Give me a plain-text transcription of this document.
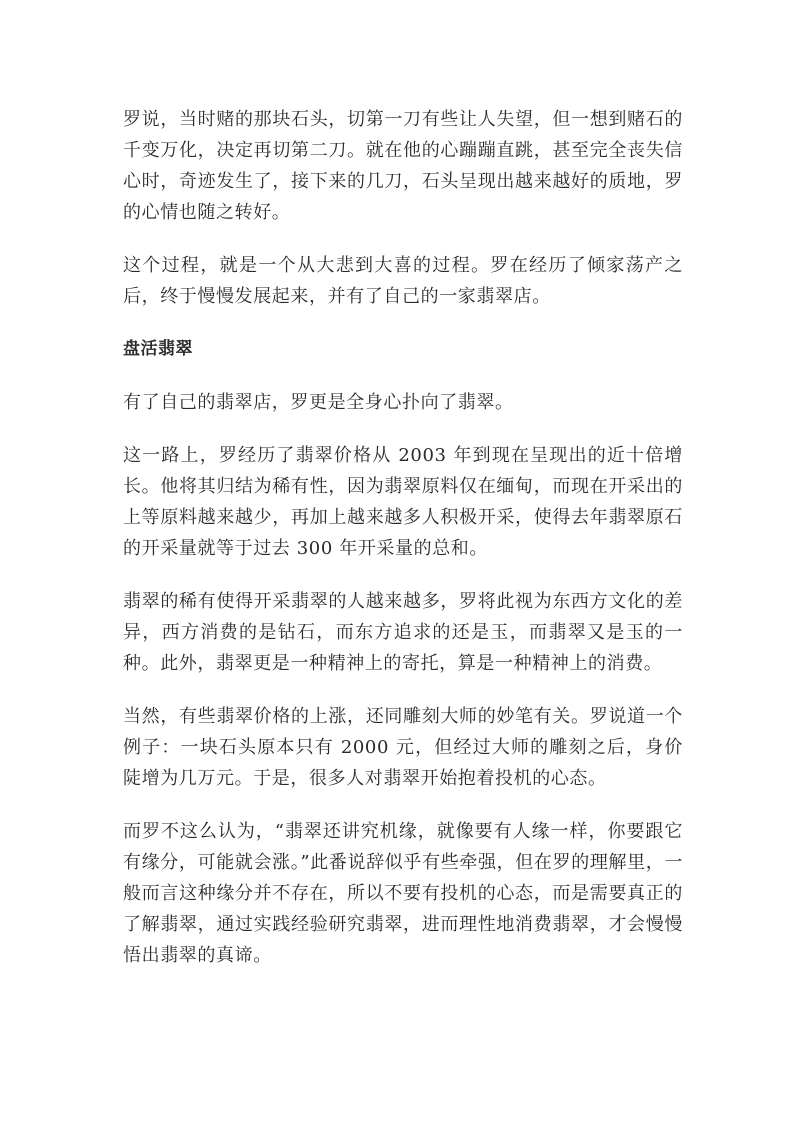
罗说，当时赌的那块石头，切第一刀有些让人失望，但一想到赌石的千变万化，决定再切第二刀。就在他的心蹦蹦直跳，甚至完全丧失信心时，奇迹发生了，接下来的几刀，石头呈现出越来越好的质地，罗的心情也随之转好。

这个过程，就是一个从大悲到大喜的过程。罗在经历了倾家荡产之后，终于慢慢发展起来，并有了自己的一家翡翠店。

盘活翡翠

有了自己的翡翠店，罗更是全身心扑向了翡翠。

这一路上，罗经历了翡翠价格从 2003 年到现在呈现出的近十倍增长。他将其归结为稀有性，因为翡翠原料仅在缅甸，而现在开采出的上等原料越来越少，再加上越来越多人积极开采，使得去年翡翠原石的开采量就等于过去 300 年开采量的总和。

翡翠的稀有使得开采翡翠的人越来越多，罗将此视为东西方文化的差异，西方消费的是钻石，而东方追求的还是玉，而翡翠又是玉的一种。此外，翡翠更是一种精神上的寄托，算是一种精神上的消费。

当然，有些翡翠价格的上涨，还同雕刻大师的妙笔有关。罗说道一个例子：一块石头原本只有 2000 元，但经过大师的雕刻之后，身价陡增为几万元。于是，很多人对翡翠开始抱着投机的心态。

而罗不这么认为，“翡翠还讲究机缘，就像要有人缘一样，你要跟它有缘分，可能就会涨。”此番说辞似乎有些牵强，但在罗的理解里，一般而言这种缘分并不存在，所以不要有投机的心态，而是需要真正的了解翡翠，通过实践经验研究翡翠，进而理性地消费翡翠，才会慢慢悟出翡翠的真谛。
